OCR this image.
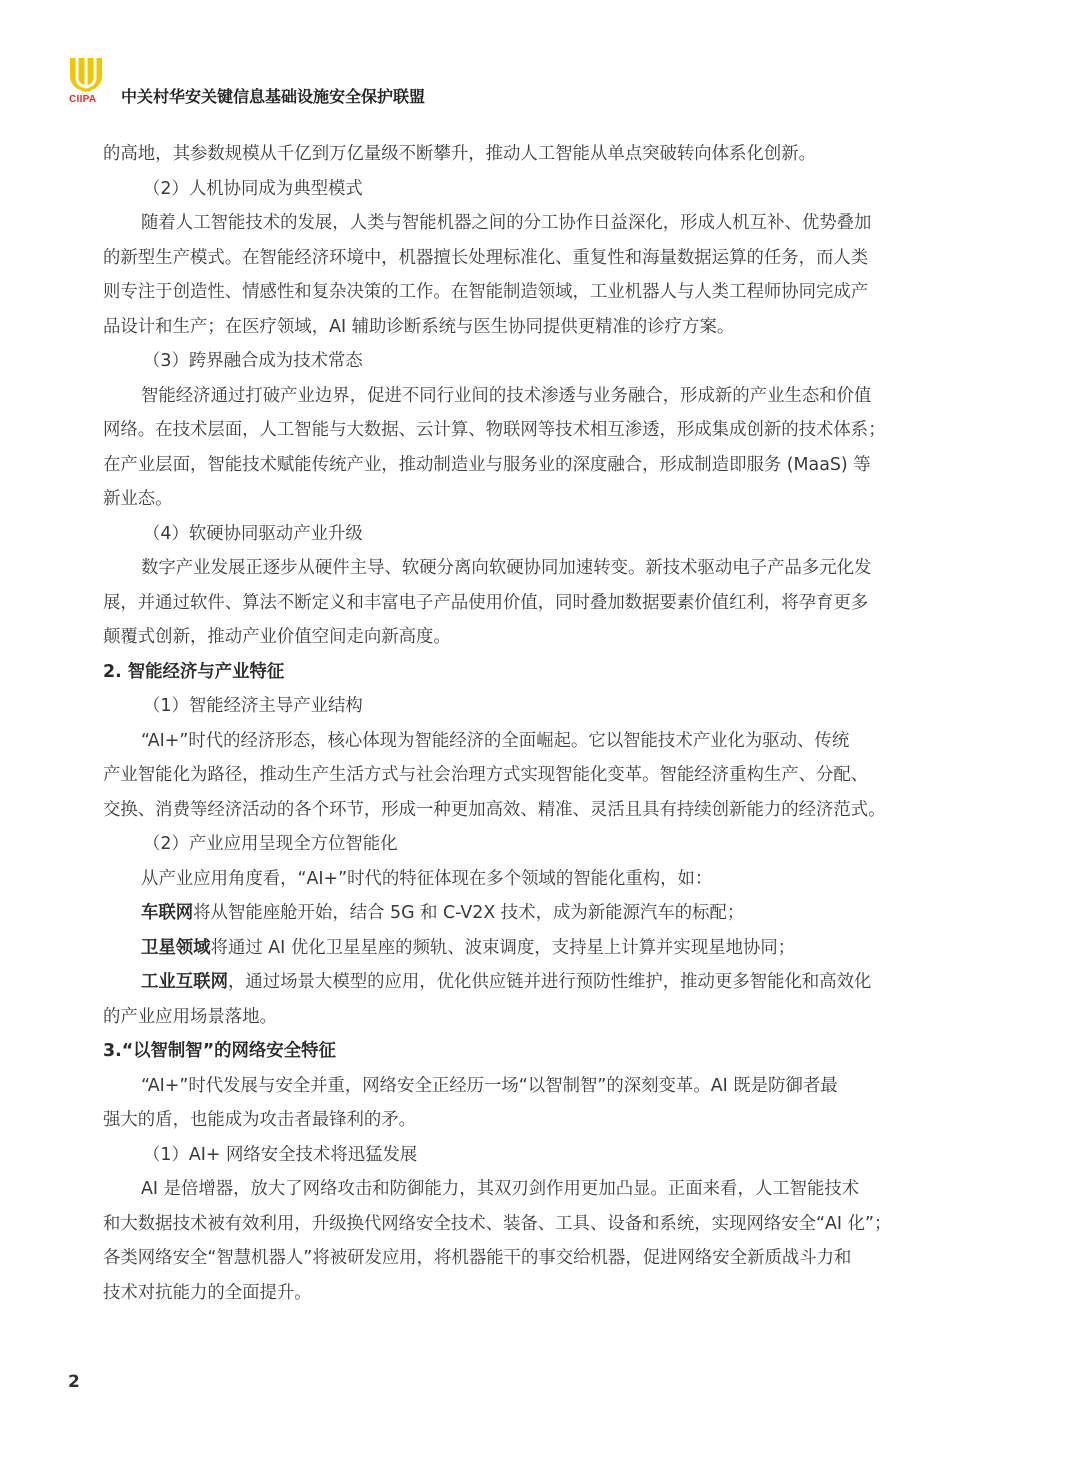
CIIPA 中关村华安关键信息基础设施安全保护联盟
的高地，其参数规模从千亿到万亿量级不断攀升，推动人工智能从单点突破转向体系化创新。
（2）人机协同成为典型模式
随着人工智能技术的发展，人类与智能机器之间的分工协作日益深化，形成人机互补、优势叠加
的新型生产模式。在智能经济环境中，机器擅长处理标准化、重复性和海量数据运算的任务，而人类
则专注于创造性、情感性和复杂决策的工作。在智能制造领域，工业机器人与人类工程师协同完成产
品设计和生产；在医疗领域，AI 辅助诊断系统与医生协同提供更精准的诊疗方案。
（3）跨界融合成为技术常态
智能经济通过打破产业边界，促进不同行业间的技术渗透与业务融合，形成新的产业生态和价值
网络。在技术层面，人工智能与大数据、云计算、物联网等技术相互渗透，形成集成创新的技术体系；
在产业层面，智能技术赋能传统产业，推动制造业与服务业的深度融合，形成制造即服务 (MaaS) 等
新业态。
（4）软硬协同驱动产业升级
数字产业发展正逐步从硬件主导、软硬分离向软硬协同加速转变。新技术驱动电子产品多元化发
展，并通过软件、算法不断定义和丰富电子产品使用价值，同时叠加数据要素价值红利，将孕育更多
颠覆式创新，推动产业价值空间走向新高度。
2. 智能经济与产业特征
（1）智能经济主导产业结构
“AI+”时代的经济形态，核心体现为智能经济的全面崛起。它以智能技术产业化为驱动、传统
产业智能化为路径，推动生产生活方式与社会治理方式实现智能化变革。智能经济重构生产、分配、
交换、消费等经济活动的各个环节，形成一种更加高效、精准、灵活且具有持续创新能力的经济范式。
（2）产业应用呈现全方位智能化
从产业应用角度看，“AI+”时代的特征体现在多个领域的智能化重构，如：
车联网将从智能座舱开始，结合 5G 和 C-V2X 技术，成为新能源汽车的标配；
卫星领域将通过 AI 优化卫星星座的频轨、波束调度，支持星上计算并实现星地协同；
工业互联网，通过场景大模型的应用，优化供应链并进行预防性维护，推动更多智能化和高效化
的产业应用场景落地。
3.“以智制智”的网络安全特征
“AI+”时代发展与安全并重，网络安全正经历一场“以智制智”的深刻变革。AI 既是防御者最
强大的盾，也能成为攻击者最锋利的矛。
（1）AI+ 网络安全技术将迅猛发展
AI 是倍增器，放大了网络攻击和防御能力，其双刃剑作用更加凸显。正面来看，人工智能技术
和大数据技术被有效利用，升级换代网络安全技术、装备、工具、设备和系统，实现网络安全“AI 化”；
各类网络安全“智慧机器人”将被研发应用，将机器能干的事交给机器，促进网络安全新质战斗力和
技术对抗能力的全面提升。
2
